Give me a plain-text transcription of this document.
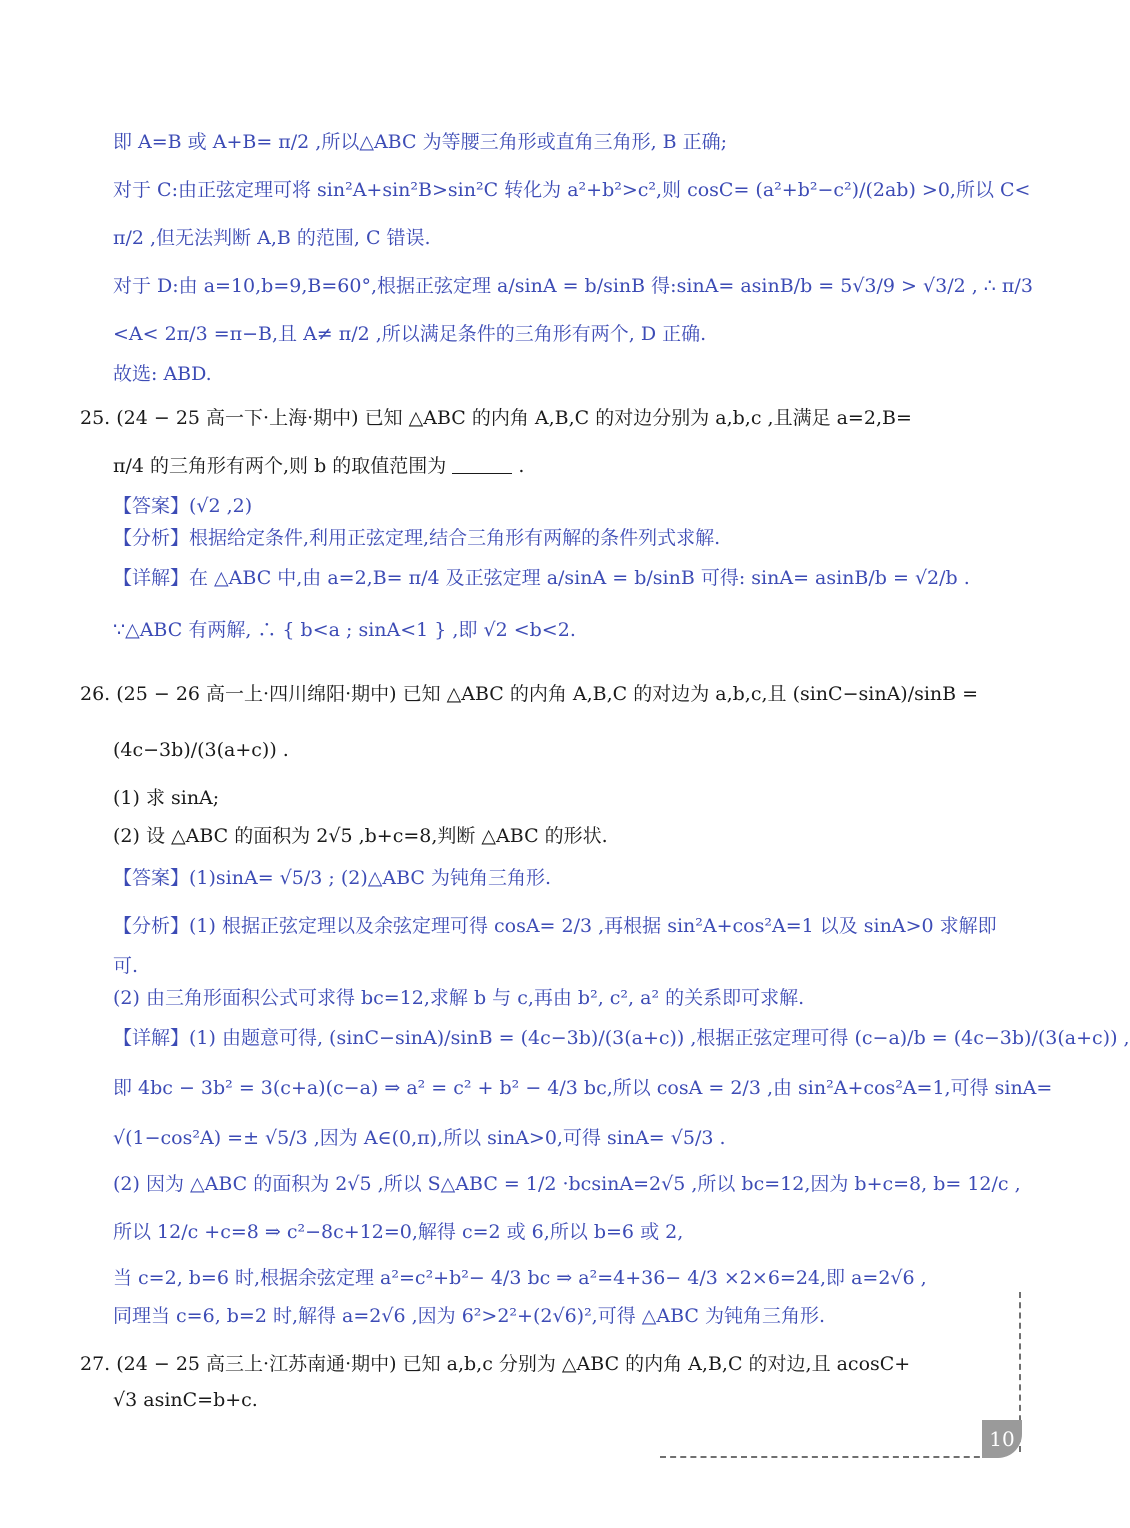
即 A=B 或 A+B= π/2 ,所以△ABC 为等腰三角形或直角三角形, B 正确;
对于 C:由正弦定理可将 sin²A+sin²B>sin²C 转化为 a²+b²>c²,则 cosC= (a²+b²−c²)/(2ab) >0,所以 C<
π/2 ,但无法判断 A,B 的范围, C 错误.
对于 D:由 a=10,b=9,B=60°,根据正弦定理 a/sinA = b/sinB 得:sinA= asinB/b = 5√3/9 > √3/2 , ∴ π/3
<A< 2π/3 =π−B,且 A≠ π/2 ,所以满足条件的三角形有两个, D 正确.
故选: ABD.
25. (24 − 25 高一下·上海·期中) 已知 △ABC 的内角 A,B,C 的对边分别为 a,b,c ,且满足 a=2,B=
π/4 的三角形有两个,则 b 的取值范围为	.
【答案】(√2 ,2)
【分析】根据给定条件,利用正弦定理,结合三角形有两解的条件列式求解.
【详解】在 △ABC 中,由 a=2,B= π/4 及正弦定理 a/sinA = b/sinB 可得: sinA= asinB/b = √2/b .
∵△ABC 有两解, ∴ { b<a ; sinA<1 } ,即 √2 <b<2.
26. (25 − 26 高一上·四川绵阳·期中) 已知 △ABC 的内角 A,B,C 的对边为 a,b,c,且 (sinC−sinA)/sinB =
(4c−3b)/(3(a+c)) .
(1) 求 sinA;
(2) 设 △ABC 的面积为 2√5 ,b+c=8,判断 △ABC 的形状.
【答案】(1)sinA= √5/3 ; (2)△ABC 为钝角三角形.
【分析】(1) 根据正弦定理以及余弦定理可得 cosA= 2/3 ,再根据 sin²A+cos²A=1 以及 sinA>0 求解即
可.
(2) 由三角形面积公式可求得 bc=12,求解 b 与 c,再由 b², c², a² 的关系即可求解.
【详解】(1) 由题意可得, (sinC−sinA)/sinB = (4c−3b)/(3(a+c)) ,根据正弦定理可得 (c−a)/b = (4c−3b)/(3(a+c)) ,
即 4bc − 3b² = 3(c+a)(c−a) ⇒ a² = c² + b² − 4/3 bc,所以 cosA = 2/3 ,由 sin²A+cos²A=1,可得 sinA=
√(1−cos²A) =± √5/3 ,因为 A∈(0,π),所以 sinA>0,可得 sinA= √5/3 .
(2) 因为 △ABC 的面积为 2√5 ,所以 S△ABC = 1/2 ·bcsinA=2√5 ,所以 bc=12,因为 b+c=8, b= 12/c ,
所以 12/c +c=8 ⇒ c²−8c+12=0,解得 c=2 或 6,所以 b=6 或 2,
当 c=2, b=6 时,根据余弦定理 a²=c²+b²− 4/3 bc ⇒ a²=4+36− 4/3 ×2×6=24,即 a=2√6 ,
同理当 c=6, b=2 时,解得 a=2√6 ,因为 6²>2²+(2√6)²,可得 △ABC 为钝角三角形.
27. (24 − 25 高三上·江苏南通·期中) 已知 a,b,c 分别为 △ABC 的内角 A,B,C 的对边,且 acosC+
√3 asinC=b+c.
10
